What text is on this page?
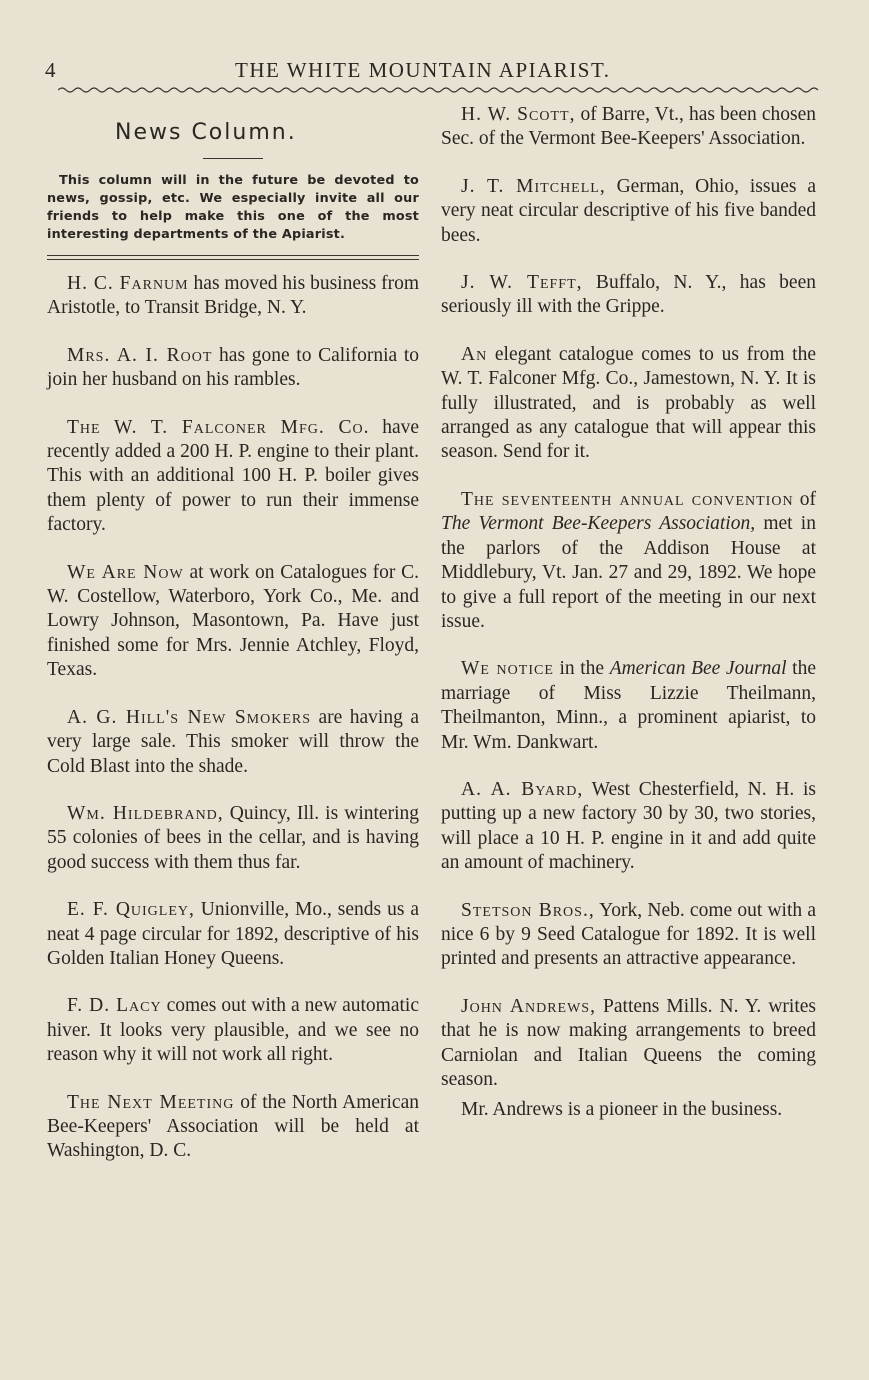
4	THE WHITE MOUNTAIN APIARIST.
News Column.

This column will in the future be devoted to news, gossip, etc. We especially invite all our friends to help make this one of the most interesting departments of the Apiarist.

H. C. Farnum has moved his business from Aristotle, to Transit Bridge, N. Y.

Mrs. A. I. Root has gone to California to join her husband on his rambles.

The W. T. Falconer Mfg. Co. have recently added a 200 H. P. engine to their plant. This with an additional 100 H. P. boiler gives them plenty of power to run their immense factory.

We Are Now at work on Catalogues for C. W. Costellow, Waterboro, York Co., Me. and Lowry Johnson, Masontown, Pa. Have just finished some for Mrs. Jennie Atchley, Floyd, Texas.

A. G. Hill's New Smokers are having a very large sale. This smoker will throw the Cold Blast into the shade.

Wm. Hildebrand, Quincy, Ill. is wintering 55 colonies of bees in the cellar, and is having good success with them thus far.

E. F. Quigley, Unionville, Mo., sends us a neat 4 page circular for 1892, descriptive of his Golden Italian Honey Queens.

F. D. Lacy comes out with a new automatic hiver. It looks very plausible, and we see no reason why it will not work all right.

The Next Meeting of the North American Bee-Keepers' Association will be held at Washington, D. C.

H. W. Scott, of Barre, Vt., has been chosen Sec. of the Vermont Bee-Keepers' Association.

J. T. Mitchell, German, Ohio, issues a very neat circular descriptive of his five banded bees.

J. W. Tefft, Buffalo, N. Y., has been seriously ill with the Grippe.

An elegant catalogue comes to us from the W. T. Falconer Mfg. Co., Jamestown, N. Y. It is fully illustrated, and is probably as well arranged as any catalogue that will appear this season. Send for it.

The seventeenth annual convention of The Vermont Bee-Keepers Association, met in the parlors of the Addison House at Middlebury, Vt. Jan. 27 and 29, 1892. We hope to give a full report of the meeting in our next issue.

We notice in the American Bee Journal the marriage of Miss Lizzie Theilmann, Theilmanton, Minn., a prominent apiarist, to Mr. Wm. Dankwart.

A. A. Byard, West Chesterfield, N. H. is putting up a new factory 30 by 30, two stories, will place a 10 H. P. engine in it and add quite an amount of machinery.

Stetson Bros., York, Neb. come out with a nice 6 by 9 Seed Catalogue for 1892. It is well printed and presents an attractive appearance.

John Andrews, Pattens Mills. N. Y. writes that he is now making arrangements to breed Carniolan and Italian Queens the coming season.

Mr. Andrews is a pioneer in the business.
